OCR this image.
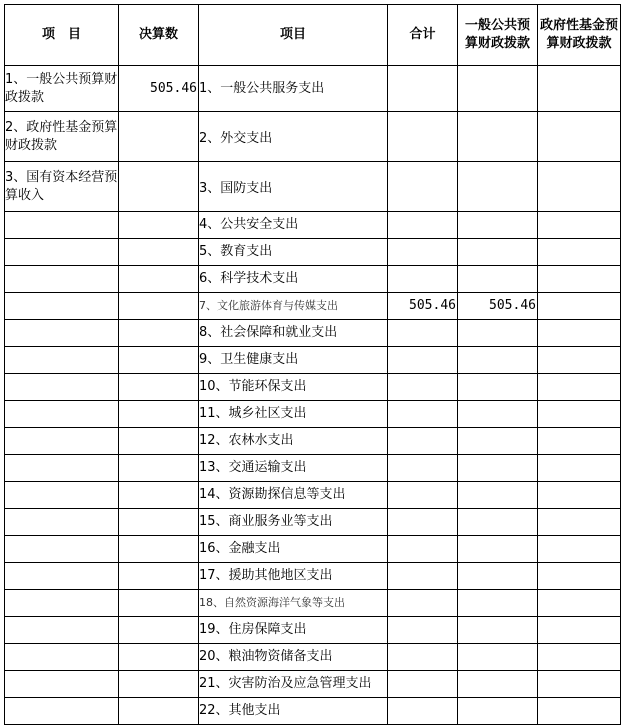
项　目	决算数	项目	合计	一般公共预算财政拨款	政府性基金预算财政拨款
1、一般公共预算财政拨款	505.46	1、一般公共服务支出			
2、政府性基金预算财政拨款		2、外交支出			
3、国有资本经营预算收入		3、国防支出			
		4、公共安全支出			
		5、教育支出			
		6、科学技术支出			
		7、文化旅游体育与传媒支出	505.46	505.46	
		8、社会保障和就业支出			
		9、卫生健康支出			
		10、节能环保支出			
		11、城乡社区支出			
		12、农林水支出			
		13、交通运输支出			
		14、资源勘探信息等支出			
		15、商业服务业等支出			
		16、金融支出			
		17、援助其他地区支出			
		18、自然资源海洋气象等支出			
		19、住房保障支出			
		20、粮油物资储备支出			
		21、灾害防治及应急管理支出			
		22、其他支出			
